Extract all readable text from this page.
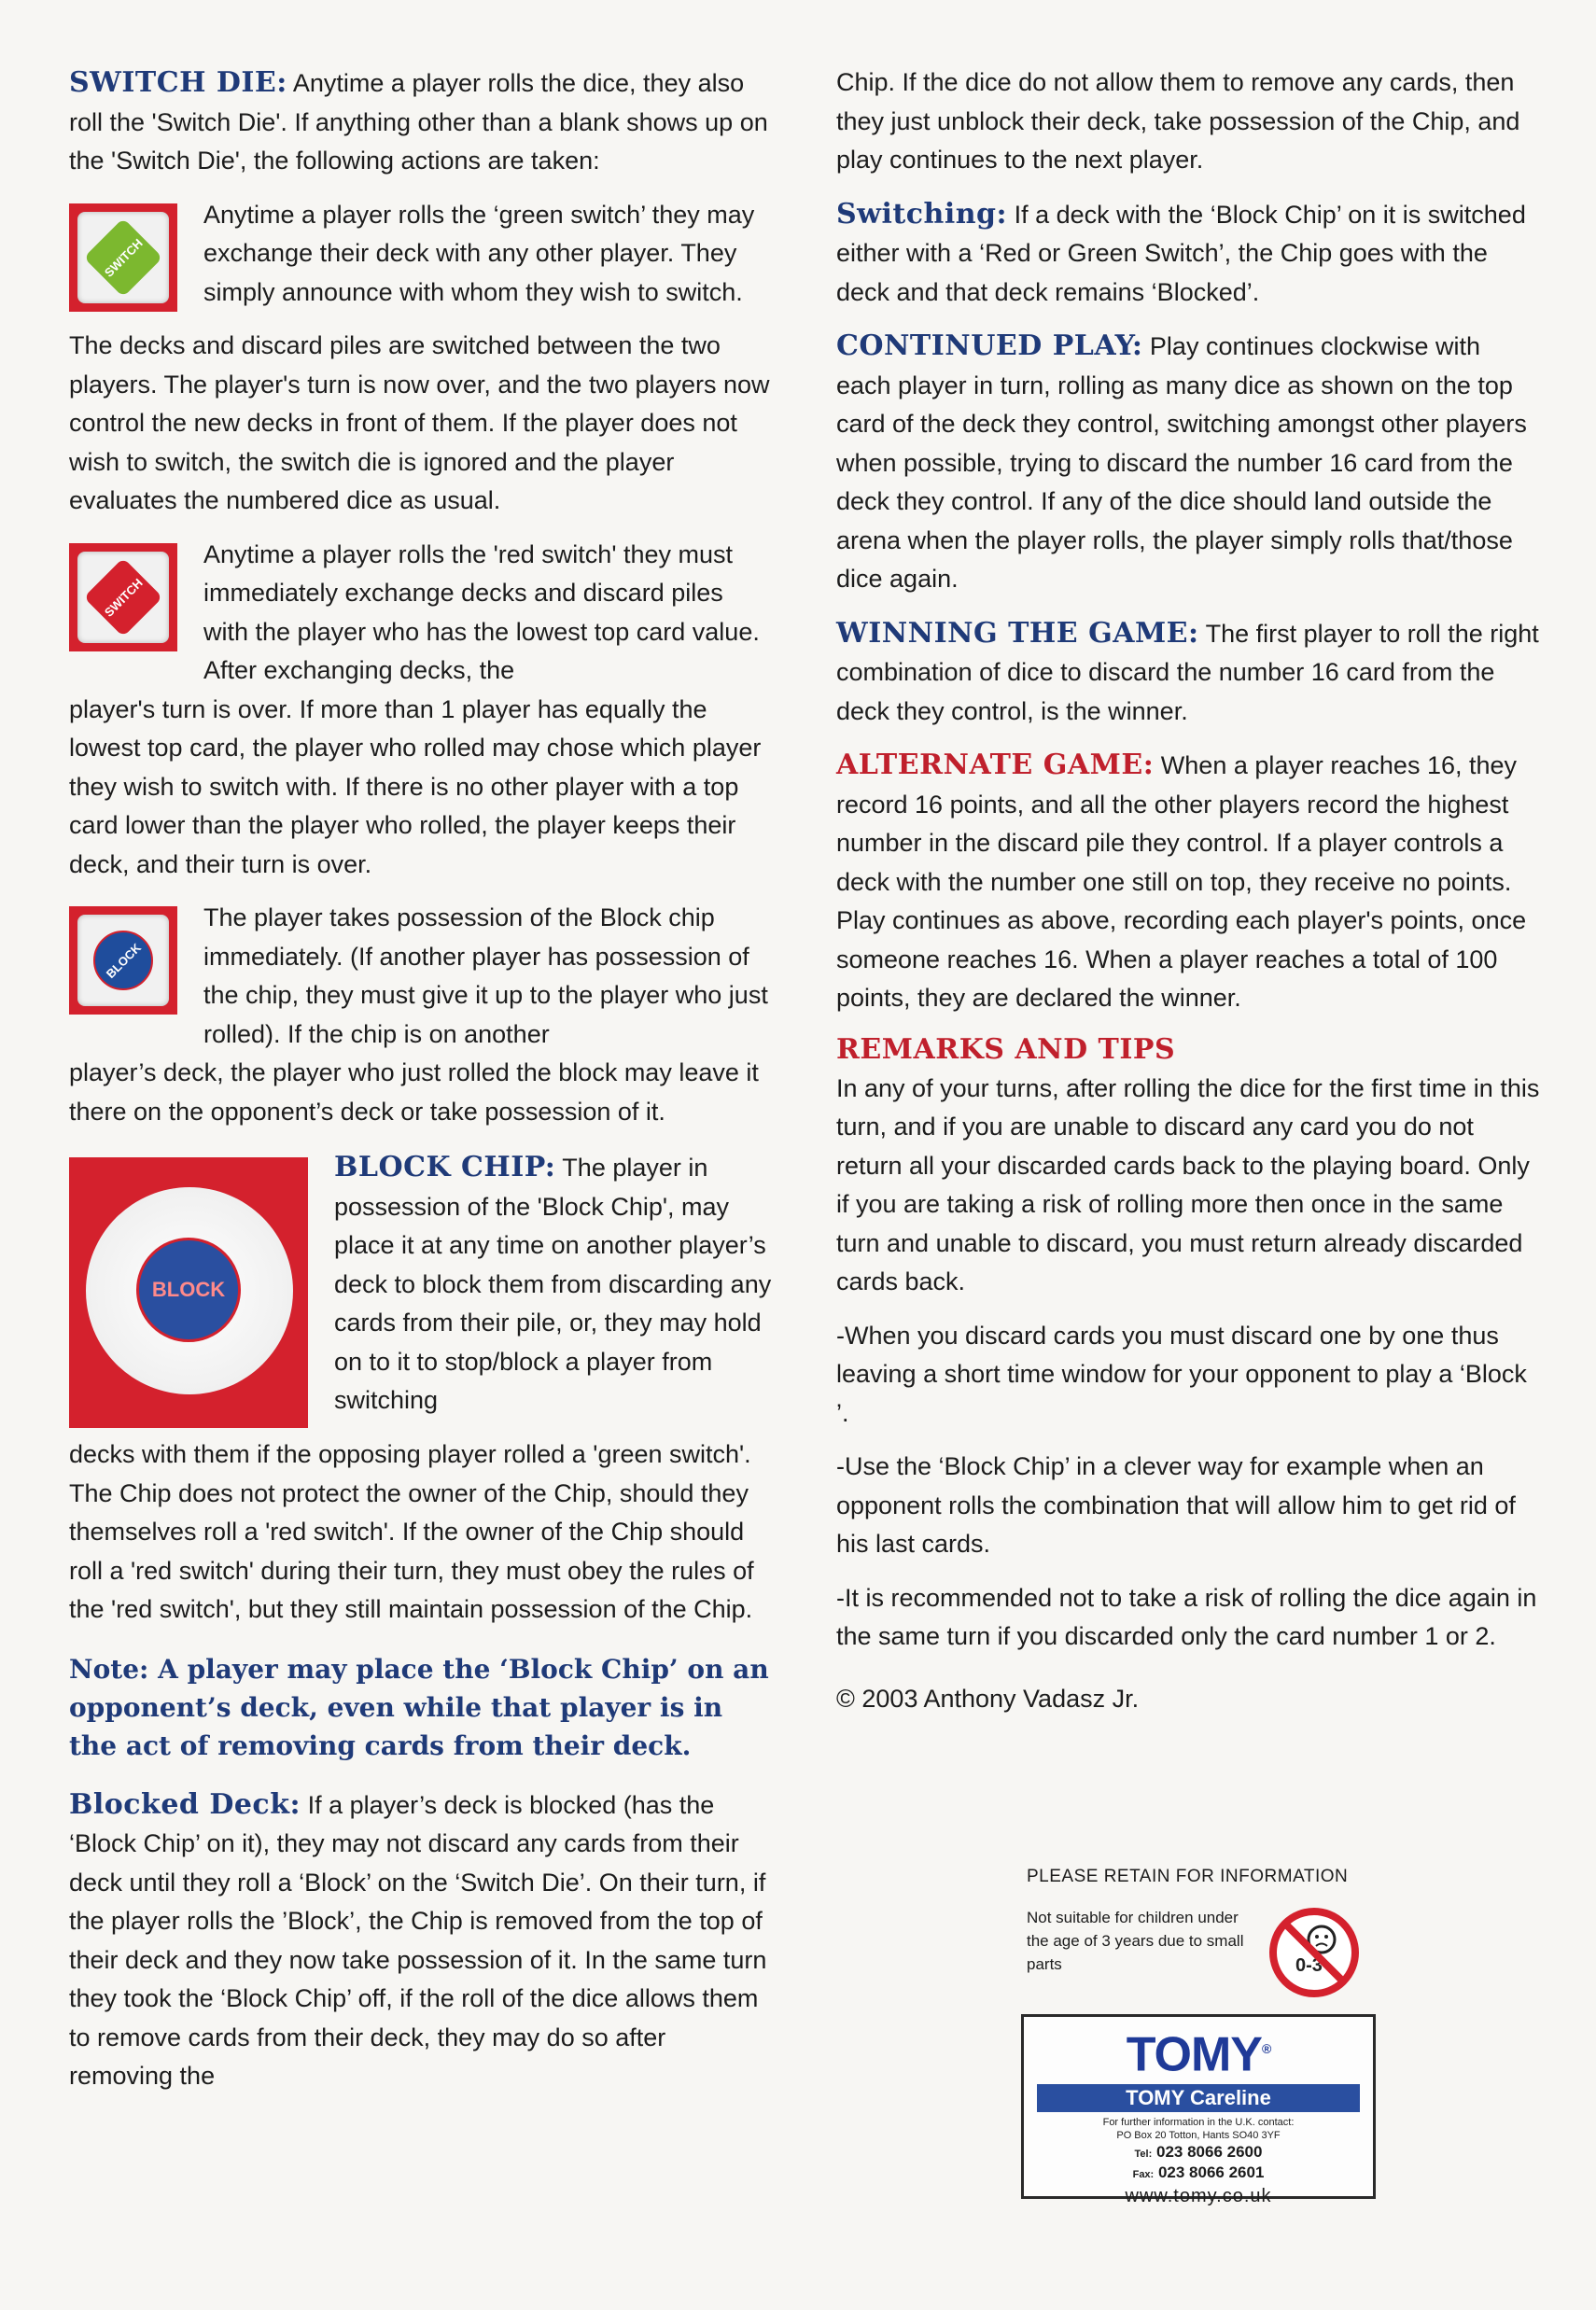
SWITCH DIE: Anytime a player rolls the dice, they also roll the 'Switch Die'. If anything other than a blank shows up on the 'Switch Die', the following actions are taken:

SWITCH

Anytime a player rolls the ‘green switch’ they may exchange their deck with any other player. They simply announce with whom they wish to switch.

The decks and discard piles are switched between the two players. The player's turn is now over, and the two players now control the new decks in front of them. If the player does not wish to switch, the switch die is ignored and the player evaluates the numbered dice as usual.

SWITCH

Anytime a player rolls the 'red switch' they must immediately exchange decks and discard piles with the player who has the lowest top card value. After exchanging decks, the

player's turn is over. If more than 1 player has equally the lowest top card, the player who rolled may chose which player they wish to switch with. If there is no other player with a top card lower than the player who rolled, the player keeps their deck, and their turn is over.

BLOCK

The player takes possession of the Block chip immediately. (If another player has possession of the chip, they must give it up to the player who just rolled). If the chip is on another

player’s deck, the player who just rolled the block may leave it there on the opponent’s deck or take possession of it.

BLOCK

BLOCK CHIP: The player in possession of the 'Block Chip', may place it at any time on another player’s deck to block them from discarding any cards from their pile, or, they may hold on to it to stop/block a player from switching

decks with them if the opposing player rolled a 'green switch'. The Chip does not protect the owner of the Chip, should they themselves roll a 'red switch'. If the owner of the Chip should roll a 'red switch' during their turn, they must obey the rules of the 'red switch', but they still maintain possession of the Chip.

Note: A player may place the ‘Block Chip’ on an opponent’s deck, even while that player is in the act of removing cards from their deck.

Blocked Deck: If a player’s deck is blocked (has the ‘Block Chip’ on it), they may not discard any cards from their deck until they roll a ‘Block’ on the ‘Switch Die’. On their turn, if the player rolls the ’Block’, the Chip is removed from the top of their deck and they now take possession of it. In the same turn they took the ‘Block Chip’ off, if the roll of the dice allows them to remove cards from their deck, they may do so after removing the

Chip. If the dice do not allow them to remove any cards, then they just unblock their deck, take possession of the Chip, and play continues to the next player.

Switching: If a deck with the ‘Block Chip’ on it is switched either with a ‘Red or Green Switch’, the Chip goes with the deck and that deck remains ‘Blocked’.

CONTINUED PLAY: Play continues clockwise with each player in turn, rolling as many dice as shown on the top card of the deck they control, switching amongst other players when possible, trying to discard the number 16 card from the deck they control. If any of the dice should land outside the arena when the player rolls, the player simply rolls that/those dice again.

WINNING THE GAME: The first player to roll the right combination of dice to discard the number 16 card from the deck they control, is the winner.

ALTERNATE GAME: When a player reaches 16, they record 16 points, and all the other players record the highest number in the discard pile they control. If a player controls a deck with the number one still on top, they receive no points. Play continues as above, recording each player's points, once someone reaches 16. When a player reaches a total of 100 points, they are declared the winner.

REMARKS AND TIPS

In any of your turns, after rolling the dice for the first time in this turn, and if you are unable to discard any card you do not return all your discarded cards back to the playing board. Only if you are taking a risk of rolling more then once in the same turn and unable to discard, you must return already discarded cards back.

-When you discard cards you must discard one by one thus leaving a short time window for your opponent to play a ‘Block ’.

-Use the ‘Block Chip’ in a clever way for example when an opponent rolls the combination that will allow him to get rid of his last cards.

-It is recommended not to take a risk of rolling the dice again in the same turn if you discarded only the card number 1 or 2.

© 2003 Anthony Vadasz Jr.
PLEASE RETAIN FOR INFORMATION
Not suitable for children under the age of 3 years due to small parts	0-3
TOMY®
TOMY Careline
For further information in the U.K. contact:
PO Box 20 Totton, Hants SO40 3YF
Tel: 023 8066 2600
Fax: 023 8066 2601
www.tomy.co.uk
